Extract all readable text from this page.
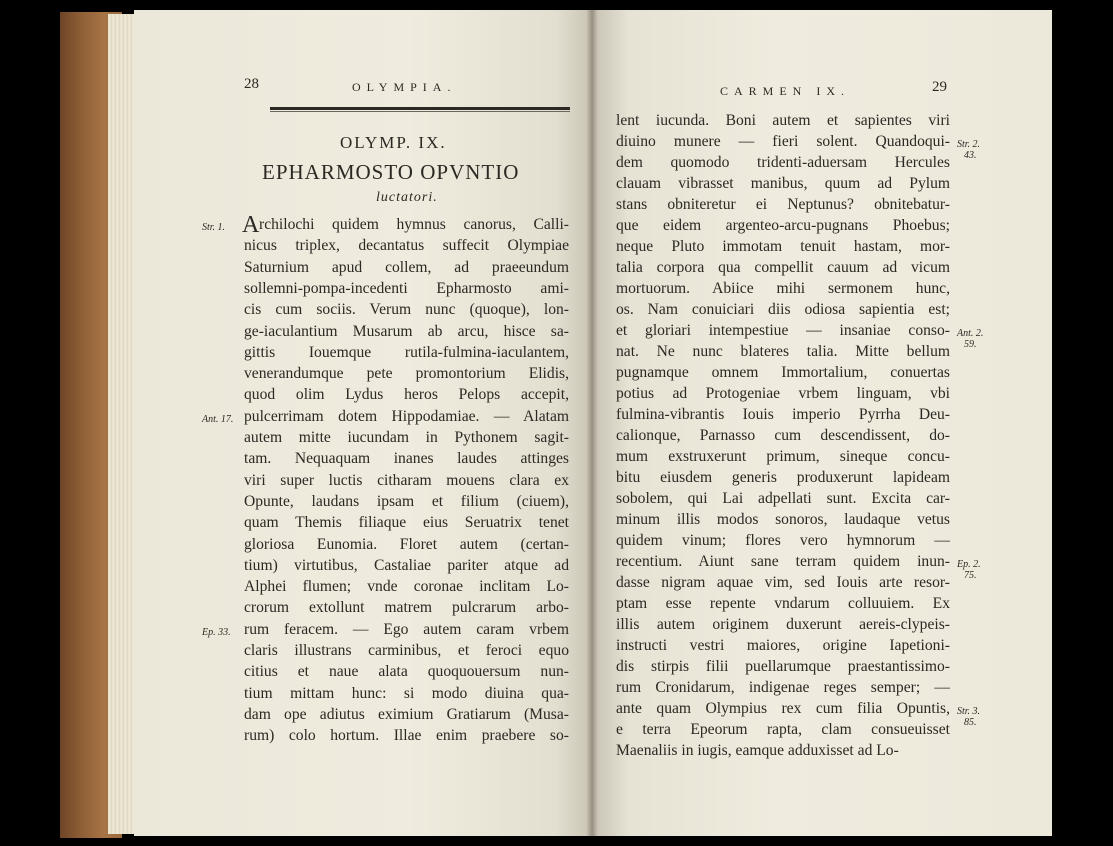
28	OLYMPIA.
OLYMP. IX.
EPHARMOSTO OPVNTIO
luctatori.
A rchilochi quidem hymnus canorus, Calli-
nicus triplex, decantatus suffecit Olympiae
Saturnium apud collem, ad praeeundum
sollemni-pompa-incedenti Epharmosto ami-
cis cum sociis. Verum nunc (quoque), lon-
ge-iaculantium Musarum ab arcu, hisce sa-
gittis Iouemque rutila-fulmina-iaculantem,
venerandumque pete promontorium Elidis,
quod olim Lydus heros Pelops accepit,
pulcerrimam dotem Hippodamiae. — Alatam
autem mitte iucundam in Pythonem sagit-
tam. Nequaquam inanes laudes attinges
viri super luctis citharam mouens clara ex
Opunte, laudans ipsam et filium (ciuem),
quam Themis filiaque eius Seruatrix tenet
gloriosa Eunomia. Floret autem (certan-
tium) virtutibus, Castaliae pariter atque ad
Alphei flumen; vnde coronae inclitam Lo-
crorum extollunt matrem pulcrarum arbo-
rum feracem. — Ego autem caram vrbem
claris illustrans carminibus, et feroci equo
citius et naue alata quoquouersum nun-
tium mittam hunc: si modo diuina qua-
dam ope adiutus eximium Gratiarum (Musa-
rum) colo hortum. Illae enim praebere so-
Str. 1.
Ant. 17.
Ep. 33.
CARMEN IX.	29
lent iucunda. Boni autem et sapientes viri
diuino munere — fieri solent. Quandoqui-
dem quomodo tridenti-aduersam Hercules
clauam vibrasset manibus, quum ad Pylum
stans obniteretur ei Neptunus? obnitebatur-
que eidem argenteo-arcu-pugnans Phoebus;
neque Pluto immotam tenuit hastam, mor-
talia corpora qua compellit cauum ad vicum
mortuorum. Abiice mihi sermonem hunc,
os. Nam conuiciari diis odiosa sapientia est;
et gloriari intempestiue — insaniae conso-
nat. Ne nunc blateres talia. Mitte bellum
pugnamque omnem Immortalium, conuertas
potius ad Protogeniae vrbem linguam, vbi
fulmina-vibrantis Iouis imperio Pyrrha Deu-
calionque, Parnasso cum descendissent, do-
mum exstruxerunt primum, sineque concu-
bitu eiusdem generis produxerunt lapideam
sobolem, qui Lai adpellati sunt. Excita car-
minum illis modos sonoros, laudaque vetus
quidem vinum; flores vero hymnorum —
recentium. Aiunt sane terram quidem inun-
dasse nigram aquae vim, sed Iouis arte resor-
ptam esse repente vndarum colluuiem. Ex
illis autem originem duxerunt aereis-clypeis-
instructi vestri maiores, origine Iapetioni-
dis stirpis filii puellarumque praestantissimo-
rum Cronidarum, indigenae reges semper; —
ante quam Olympius rex cum filia Opuntis,
e terra Epeorum rapta, clam consueuisset
Maenaliis in iugis, eamque adduxisset ad Lo-
Str. 2.
43.
Ant. 2.
59.
Ep. 2.
75.
Str. 3.
85.
